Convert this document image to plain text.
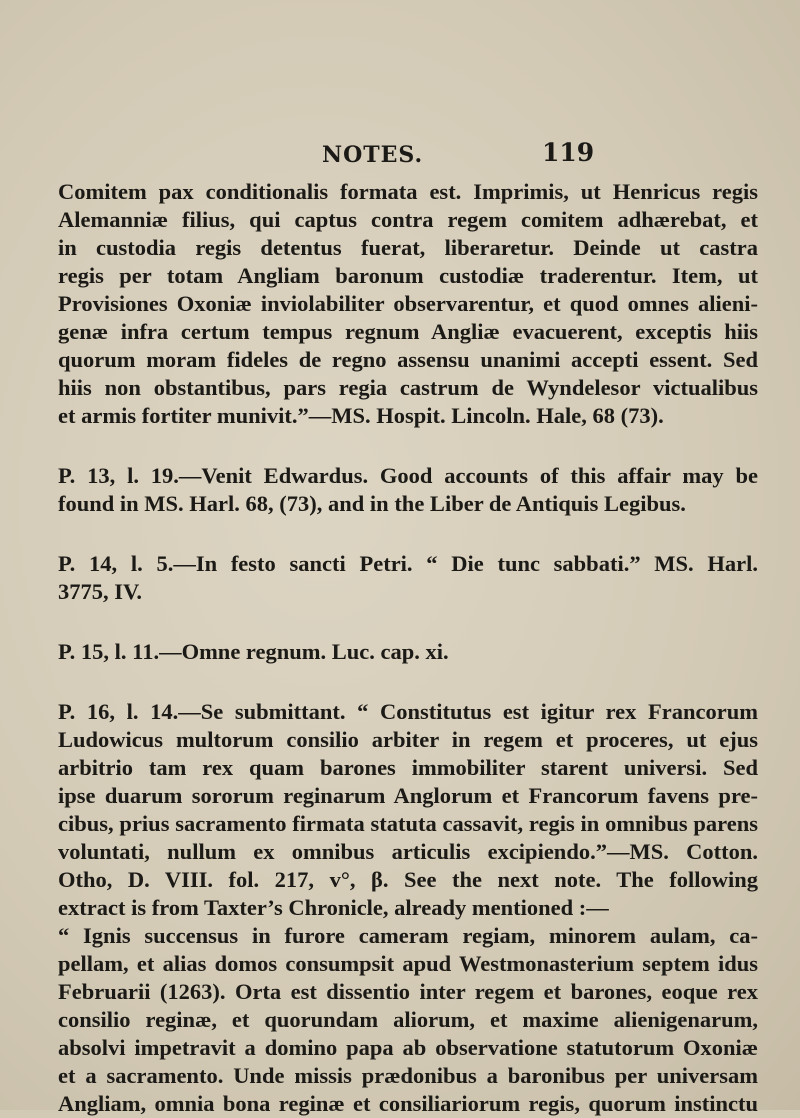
NOTES.	119
Comitem pax conditionalis formata est. Imprimis, ut Henricus regis
Alemanniæ filius, qui captus contra regem comitem adhærebat, et
in custodia regis detentus fuerat, liberaretur. Deinde ut castra
regis per totam Angliam baronum custodiæ traderentur. Item, ut
Provisiones Oxoniæ inviolabiliter observarentur, et quod omnes alieni-
genæ infra certum tempus regnum Angliæ evacuerent, exceptis hiis
quorum moram fideles de regno assensu unanimi accepti essent. Sed
hiis non obstantibus, pars regia castrum de Wyndelesor victualibus
et armis fortiter munivit.”—MS. Hospit. Lincoln. Hale, 68 (73).
P. 13, l. 19.—Venit Edwardus. Good accounts of this affair may be
found in MS. Harl. 68, (73), and in the Liber de Antiquis Legibus.
P. 14, l. 5.—In festo sancti Petri. “ Die tunc sabbati.” MS. Harl.
3775, IV.
P. 15, l. 11.—Omne regnum. Luc. cap. xi.
P. 16, l. 14.—Se submittant. “ Constitutus est igitur rex Francorum
Ludowicus multorum consilio arbiter in regem et proceres, ut ejus
arbitrio tam rex quam barones immobiliter starent universi. Sed
ipse duarum sororum reginarum Anglorum et Francorum favens pre-
cibus, prius sacramento firmata statuta cassavit, regis in omnibus parens
voluntati, nullum ex omnibus articulis excipiendo.”—MS. Cotton.
Otho, D. VIII. fol. 217, v°, β. See the next note. The following
extract is from Taxter’s Chronicle, already mentioned :—
“ Ignis succensus in furore cameram regiam, minorem aulam, ca-
pellam, et alias domos consumpsit apud Westmonasterium septem idus
Februarii (1263). Orta est dissentio inter regem et barones, eoque rex
consilio reginæ, et quorundam aliorum, et maxime alienigenarum,
absolvi impetravit a domino papa ab observatione statutorum Oxoniæ
et a sacramento. Unde missis prædonibus a baronibus per universam
Angliam, omnia bona reginæ et consiliariorum regis, quorum instinctu
